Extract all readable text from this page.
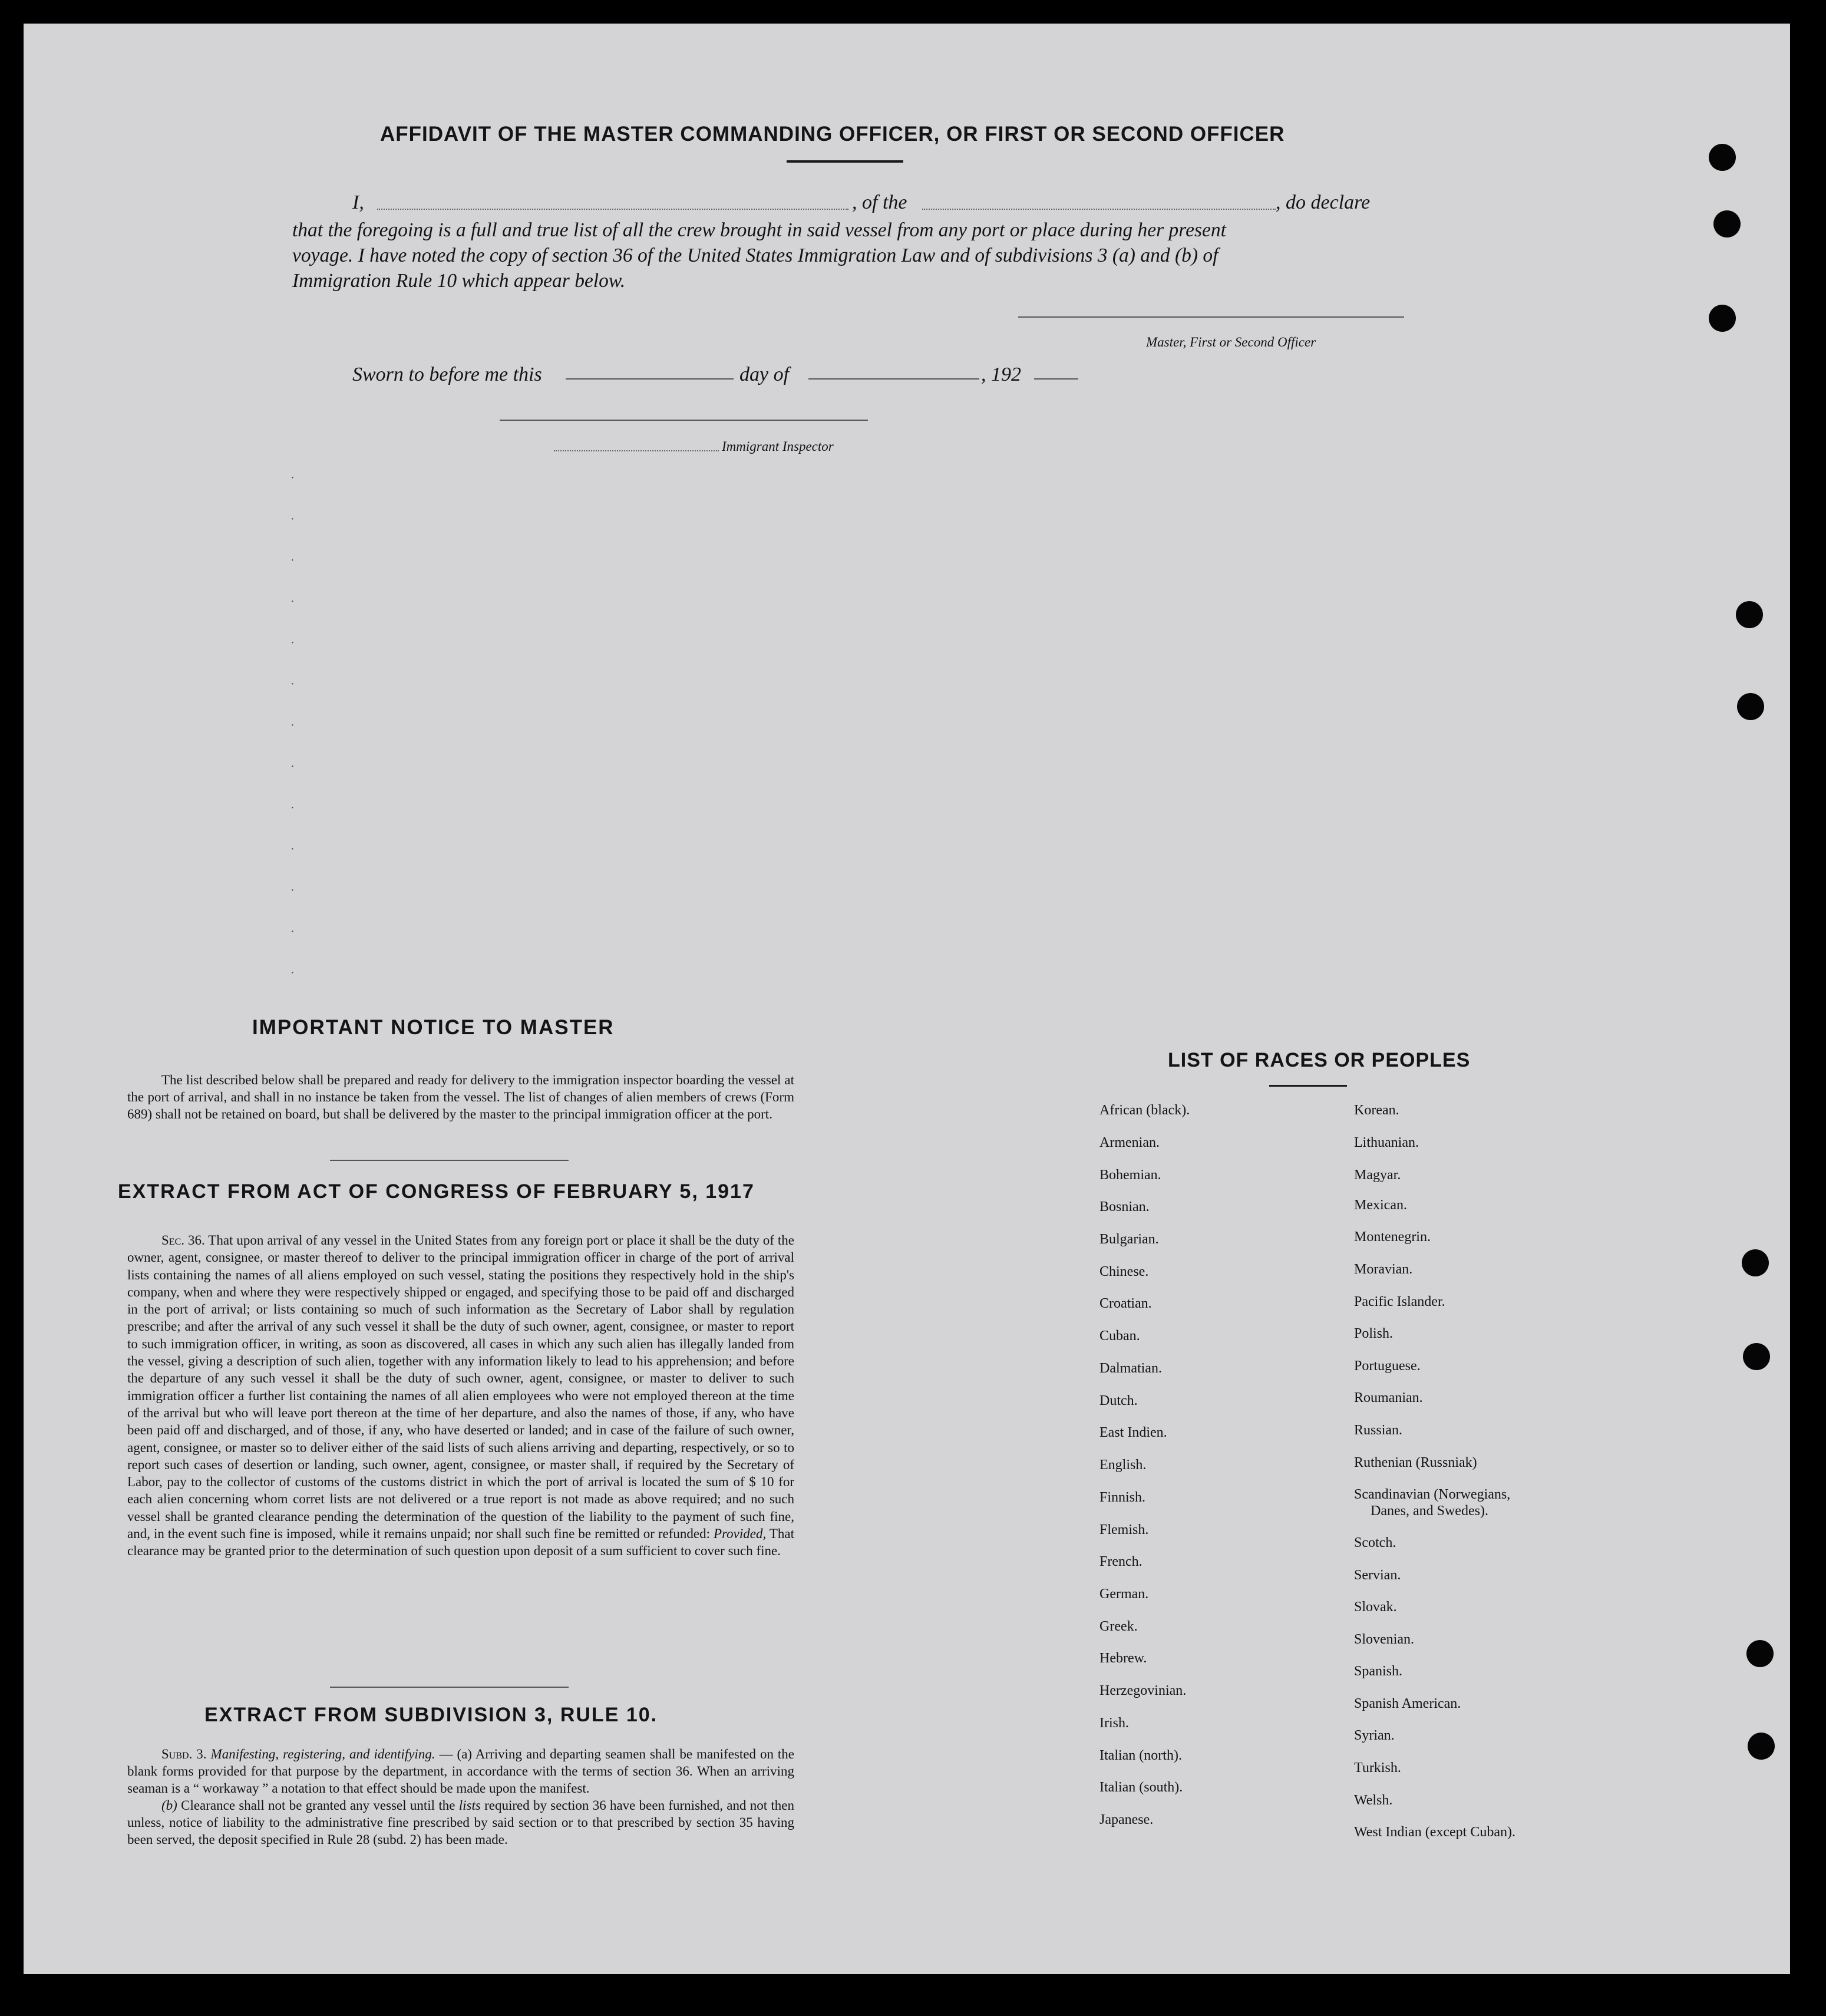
·
·
·
·
·
·
·
·
·
·
·
·
·
AFFIDAVIT OF THE MASTER COMMANDING OFFICER, OR FIRST OR SECOND OFFICER
I,	, of the	, do declare
that the foregoing is a full and true list of all the crew brought in said vessel from any port or place during her present
voyage. I have noted the copy of section 36 of the United States Immigration Law and of subdivisions 3 (a) and (b) of
Immigration Rule 10 which appear below.
Master, First or Second Officer
Sworn to before me this	day of	, 192
Immigrant Inspector
IMPORTANT NOTICE TO MASTER

The list described below shall be prepared and ready for delivery to the immigration inspector boarding the vessel at the port of arrival, and shall in no instance be taken from the vessel. The list of changes of alien members of crews (Form 689) shall not be retained on board, but shall be delivered by the master to the principal immigration officer at the port.

EXTRACT FROM ACT OF CONGRESS OF FEBRUARY 5, 1917

Sec. 36. That upon arrival of any vessel in the United States from any foreign port or place it shall be the duty of the owner, agent, consignee, or master thereof to deliver to the principal immigration officer in charge of the port of arrival lists containing the names of all aliens employed on such vessel, stating the positions they respectively hold in the ship's company, when and where they were respectively shipped or engaged, and specifying those to be paid off and discharged in the port of arrival; or lists containing so much of such information as the Secretary of Labor shall by regulation prescribe; and after the arrival of any such vessel it shall be the duty of such owner, agent, consignee, or master to report to such immigration officer, in writing, as soon as discovered, all cases in which any such alien has illegally landed from the vessel, giving a description of such alien, together with any information likely to lead to his apprehension; and before the departure of any such vessel it shall be the duty of such owner, agent, consignee, or master to deliver to such immigration officer a further list containing the names of all alien employees who were not employed thereon at the time of the arrival but who will leave port thereon at the time of her departure, and also the names of those, if any, who have been paid off and discharged, and of those, if any, who have deserted or landed; and in case of the failure of such owner, agent, consignee, or master so to deliver either of the said lists of such aliens arriving and departing, respectively, or so to report such cases of desertion or landing, such owner, agent, consignee, or master shall, if required by the Secretary of Labor, pay to the collector of customs of the customs district in which the port of arrival is located the sum of $ 10 for each alien concerning whom corret lists are not delivered or a true report is not made as above required; and no such vessel shall be granted clearance pending the determination of the question of the liability to the payment of such fine, and, in the event such fine is imposed, while it remains unpaid; nor shall such fine be remitted or refunded: Provided, That clearance may be granted prior to the determination of such question upon deposit of a sum sufficient to cover such fine.

EXTRACT FROM SUBDIVISION 3, RULE 10.

Subd. 3. Manifesting, registering, and identifying. — (a) Arriving and departing seamen shall be manifested on the blank forms provided for that purpose by the department, in accordance with the terms of section 36. When an arriving seaman is a “ workaway ” a notation to that effect should be made upon the manifest.

(b) Clearance shall not be granted any vessel until the lists required by section 36 have been furnished, and not then unless, notice of liability to the administrative fine prescribed by said section or to that prescribed by section 35 having been served, the deposit specified in Rule 28 (subd. 2) has been made.

LIST OF RACES OR PEOPLES
African (black).
Armenian.
Bohemian.
Bosnian.
Bulgarian.
Chinese.
Croatian.
Cuban.
Dalmatian.
Dutch.
East Indien.
English.
Finnish.
Flemish.
French.
German.
Greek.
Hebrew.
Herzegovinian.
Irish.
Italian (north).
Italian (south).
Japanese.
Korean.
Lithuanian.
Magyar.
Mexican.
Montenegrin.
Moravian.
Pacific Islander.
Polish.
Portuguese.
Roumanian.
Russian.
Ruthenian (Russniak)
Scandinavian (Norwegians,
Danes, and Swedes).
Scotch.
Servian.
Slovak.
Slovenian.
Spanish.
Spanish American.
Syrian.
Turkish.
Welsh.
West Indian (except Cuban).
